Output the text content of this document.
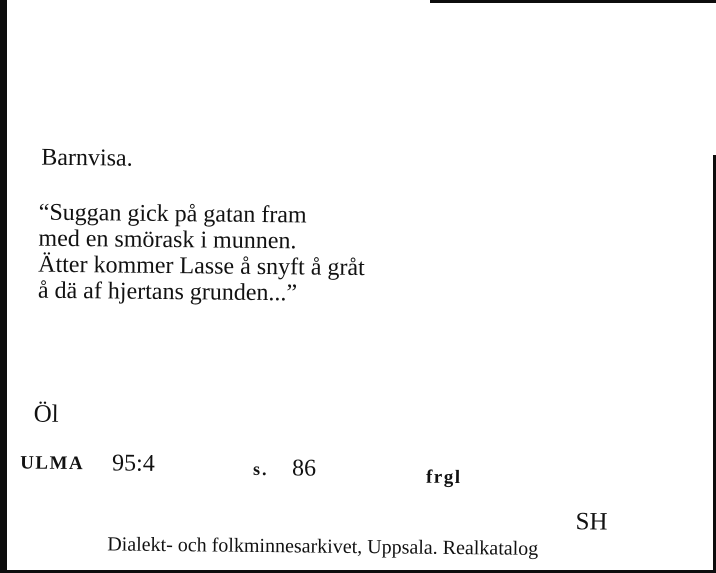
Barnvisa.
“Suggan gick på gatan fram
med en smörask i munnen.
Ätter kommer Lasse å snyft å gråt
å dä af hjertans grunden...”
Öl
ULMA 95:4	s. 86	frgl
SH
Dialekt- och folkminnesarkivet, Uppsala. Realkatalog
